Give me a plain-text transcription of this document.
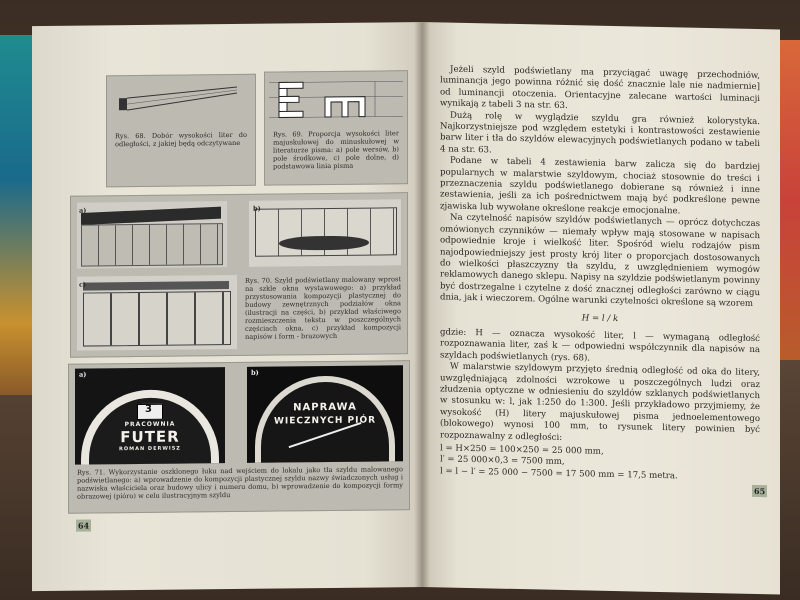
Rys. 68. Dobór wysokości liter do odległości, z jakiej będą odczytywane
Rys. 69. Proporcja wysokości liter majuskułowej do minuskułowej w literaturze pisma: a) pole wersów, b) pole środkowe, c) pole dolne, d) podstawowa linia pisma
a)	b)
c)	Rys. 70. Szyld podświetlany malowany wprost na szkle okna wystawowego: a) przykład przystosowania kompozycji plastycznej do budowy zewnętrznych podziałów okna (ilustracji na części, b) przykład właściwego rozmieszczenia tekstu w poszczególnych częściach okna, c) przykład kompozycji napisów i form - brazowych
3
PRACOWNIA
FUTER
ROMAN DERWISZ
a)
NAPRAWA
WIECZNYCH PIÓR
b)
Rys. 71. Wykorzystanie oszklonego łuku nad wejściem do lokalu jako tła szyldu malowanego podświetlanego: a) wprowadzenie do kompozycji plastycznej szyldu nazwy świadczonych usług i nazwiska właściciela oraz budowy ulicy i numeru domu, b) wprowadzenie do kompozycji formy obrazowej (pióro) w celu ilustracyjnym szyldu
64

Jeżeli szyld podświetlany ma przyciągać uwagę przechodniów, luminancja jego powinna różnić się dość znacznie lale nie nadmiernie] od luminancji otoczenia. Orientacyjne zalecane wartości luminacji wynikają z tabeli 3 na str. 63.

Dużą rolę w wyglądzie szyldu gra również kolorystyka. Najkorzystniejsze pod względem estetyki i kontrastowości zestawienie barw liter i tła do szyldów elewacyjnych podświetlanych podano w tabeli 4 na str. 63.

Podane w tabeli 4 zestawienia barw zalicza się do bardziej popularnych w malarstwie szyldowym, chociaż stosownie do treści i przeznaczenia szyldu podświetlanego dobierane są również i inne zestawienia, jeśli za ich pośrednictwem mają być podkreślone pewne zjawiska lub wywołane określone reakcje emocjonalne.

Na czytelność napisów szyldów podświetlanych — oprócz dotychczas omówionych czynników — niemały wpływ mają stosowane w napisach odpowiednie kroje i wielkość liter. Spośród wielu rodzajów pism najodpowiedniejszy jest prosty krój liter o proporcjach dostosowanych do wielkości płaszczyzny tła szyldu, z uwzględnieniem wymogów reklamowych danego sklepu. Napisy na szyldzie podświetlanym powinny być dostrzegalne i czytelne z dość znacznej odległości zarówno w ciągu dnia, jak i wieczorem. Ogólne warunki czytelności określone są wzorem

H = l / k

gdzie: H — oznacza wysokość liter, l — wymaganą odległość rozpoznawania liter, zaś k — odpowiedni współczynnik dla napisów na szyldach podświetlanych (rys. 68).

W malarstwie szyldowym przyjęto średnią odległość od oka do litery, uwzględniającą zdolności wzrokowe u poszczególnych ludzi oraz złudzenia optyczne w odniesieniu do szyldów szklanych podświetlanych w stosunku w: l, jak 1:250 do 1:300. Jeśli przykładowo przyjmiemy, że wysokość (H) litery majuskułowej pisma jednoelementowego (blokowego) wynosi 100 mm, to rysunek litery powinien być rozpoznawalny z odległości:

l = H×250 = 100×250 = 25 000 mm,
l′ = 25 000×0,3 = 7500 mm,
l = l − l′ = 25 000 − 7500 = 17 500 mm = 17,5 metra.
65
